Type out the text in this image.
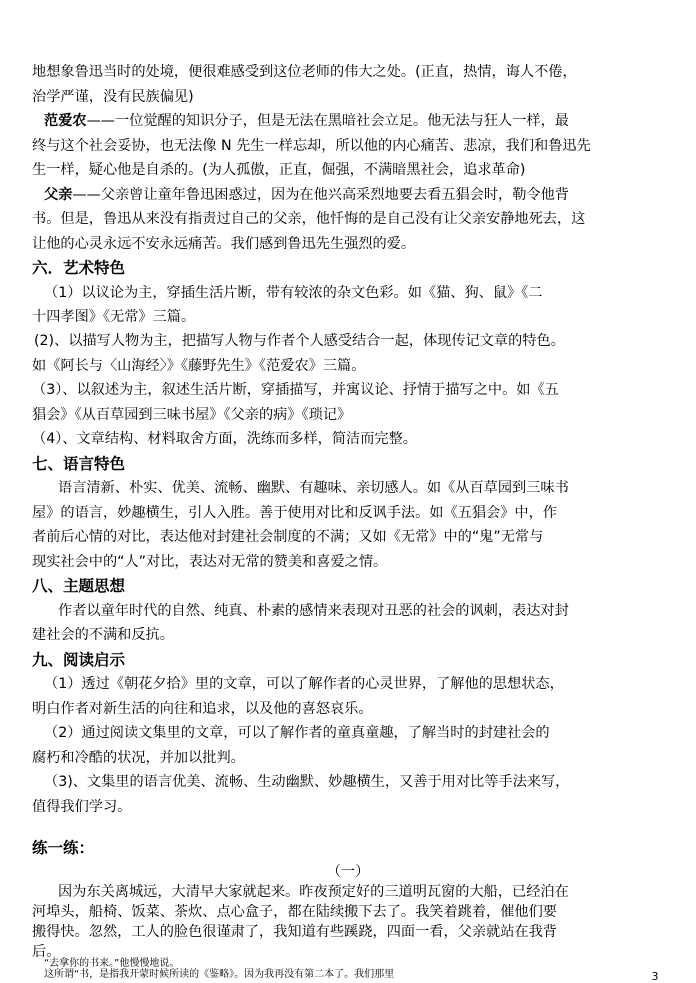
地想象鲁迅当时的处境，便很难感受到这位老师的伟大之处。(正直，热情，诲人不倦，
治学严谨，没有民族偏见)
范爱农——一位觉醒的知识分子，但是无法在黑暗社会立足。他无法与狂人一样，最
终与这个社会妥协，也无法像 N 先生一样忘却，所以他的内心痛苦、悲凉，我们和鲁迅先
生一样，疑心他是自杀的。(为人孤傲，正直，倔强，不满暗黑社会，追求革命)
父亲——父亲曾让童年鲁迅困惑过，因为在他兴高采烈地要去看五猖会时，勒令他背
书。但是，鲁迅从来没有指责过自己的父亲，他忏悔的是自己没有让父亲安静地死去，这
让他的心灵永远不安永远痛苦。我们感到鲁迅先生强烈的爱。
六．艺术特色
（1）以议论为主，穿插生活片断，带有较浓的杂文色彩。如《猫、狗、鼠》《二
十四孝图》《无常》三篇。
(2)、以描写人物为主，把描写人物与作者个人感受结合一起，体现传记文章的特色。
如《阿长与〈山海经〉》《藤野先生》《范爱农》三篇。
（3）、以叙述为主，叙述生活片断，穿插描写，并寓议论、抒情于描写之中。如《五
猖会》《从百草园到三味书屋》《父亲的病》《琐记》
（4）、文章结构、材料取舍方面，洗练而多样，简洁而完整。
七、语言特色
语言清新、朴实、优美、流畅、幽默、有趣味、亲切感人。如《从百草园到三味书
屋》的语言，妙趣横生，引人入胜。善于使用对比和反讽手法。如《五猖会》中，作
者前后心情的对比，表达他对封建社会制度的不满；又如《无常》中的“鬼”无常与
现实社会中的“人”对比，表达对无常的赞美和喜爱之情。
八、主题思想
作者以童年时代的自然、纯真、朴素的感情来表现对丑恶的社会的讽刺，表达对封
建社会的不满和反抗。
九、阅读启示
（1）透过《朝花夕拾》里的文章，可以了解作者的心灵世界，了解他的思想状态，
明白作者对新生活的向往和追求，以及他的喜怒哀乐。
（2）通过阅读文集里的文章，可以了解作者的童真童趣，了解当时的封建社会的
腐朽和冷酷的状况，并加以批判。
（3)、文集里的语言优美、流畅、生动幽默、妙趣横生，又善于用对比等手法来写，
值得我们学习。
练一练：
（一）
因为东关离城远，大清早大家就起来。昨夜预定好的三道明瓦窗的大船，已经泊在
河埠头，船椅、饭菜、茶炊、点心盒子，都在陆续搬下去了。我笑着跳着，催他们要
搬得快。忽然，工人的脸色很谨肃了，我知道有些蹊跷，四面一看，父亲就站在我背
后。
“去拿你的书来。”他慢慢地说。
这所谓“书，是指我开蒙时候所读的《鉴略》。因为我再没有第二本了。我们那里	3
